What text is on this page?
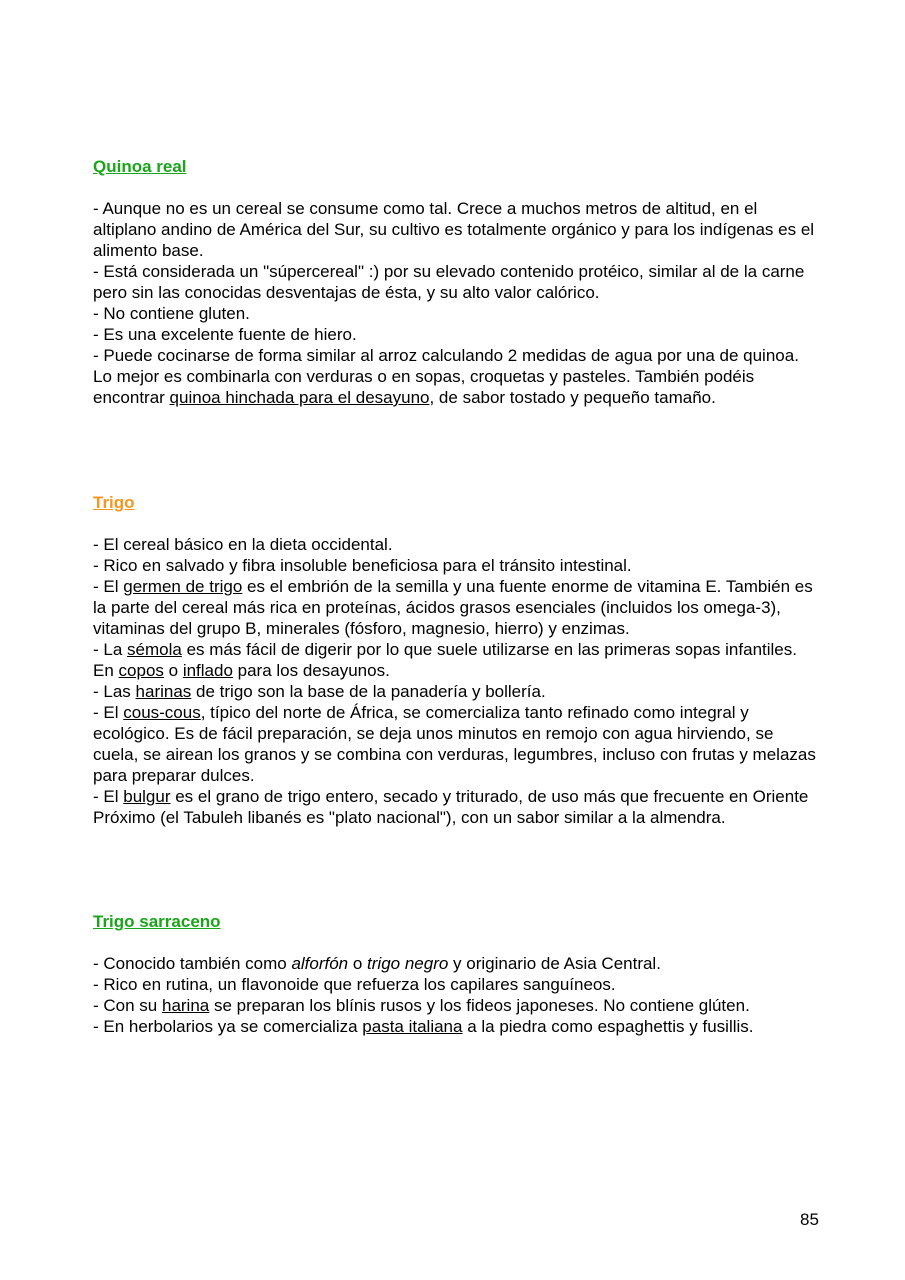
Quinoa real

- Aunque no es un cereal se consume como tal. Crece a muchos metros de altitud, en el altiplano andino de América del Sur, su cultivo es totalmente orgánico y para los indígenas es el alimento base.

- Está considerada un "súpercereal" :) por su elevado contenido protéico, similar al de la carne pero sin las conocidas desventajas de ésta, y su alto valor calórico.

- No contiene gluten.

- Es una excelente fuente de hiero.

- Puede cocinarse de forma similar al arroz calculando 2 medidas de agua por una de quinoa. Lo mejor es combinarla con verduras o en sopas, croquetas y pasteles. También podéis encontrar quinoa hinchada para el desayuno, de sabor tostado y pequeño tamaño.

Trigo

- El cereal básico en la dieta occidental.

- Rico en salvado y fibra insoluble beneficiosa para el tránsito intestinal.

- El germen de trigo es el embrión de la semilla y una fuente enorme de vitamina E. También es la parte del cereal más rica en proteínas, ácidos grasos esenciales (incluidos los omega-3), vitaminas del grupo B, minerales (fósforo, magnesio, hierro) y enzimas.

- La sémola es más fácil de digerir por lo que suele utilizarse en las primeras sopas infantiles. En copos o inflado para los desayunos.

- Las harinas de trigo son la base de la panadería y bollería.

- El cous-cous, típico del norte de África, se comercializa tanto refinado como integral y ecológico. Es de fácil preparación, se deja unos minutos en remojo con agua hirviendo, se cuela, se airean los granos y se combina con verduras, legumbres, incluso con frutas y melazas para preparar dulces.

- El bulgur es el grano de trigo entero, secado y triturado, de uso más que frecuente en Oriente Próximo (el Tabuleh libanés es "plato nacional"), con un sabor similar a la almendra.

Trigo sarraceno

- Conocido también como alforfón o trigo negro y originario de Asia Central.

- Rico en rutina, un flavonoide que refuerza los capilares sanguíneos.

- Con su harina se preparan los blínis rusos y los fideos japoneses. No contiene glúten.

- En herbolarios ya se comercializa pasta italiana a la piedra como espaghettis y fusillis.

85
